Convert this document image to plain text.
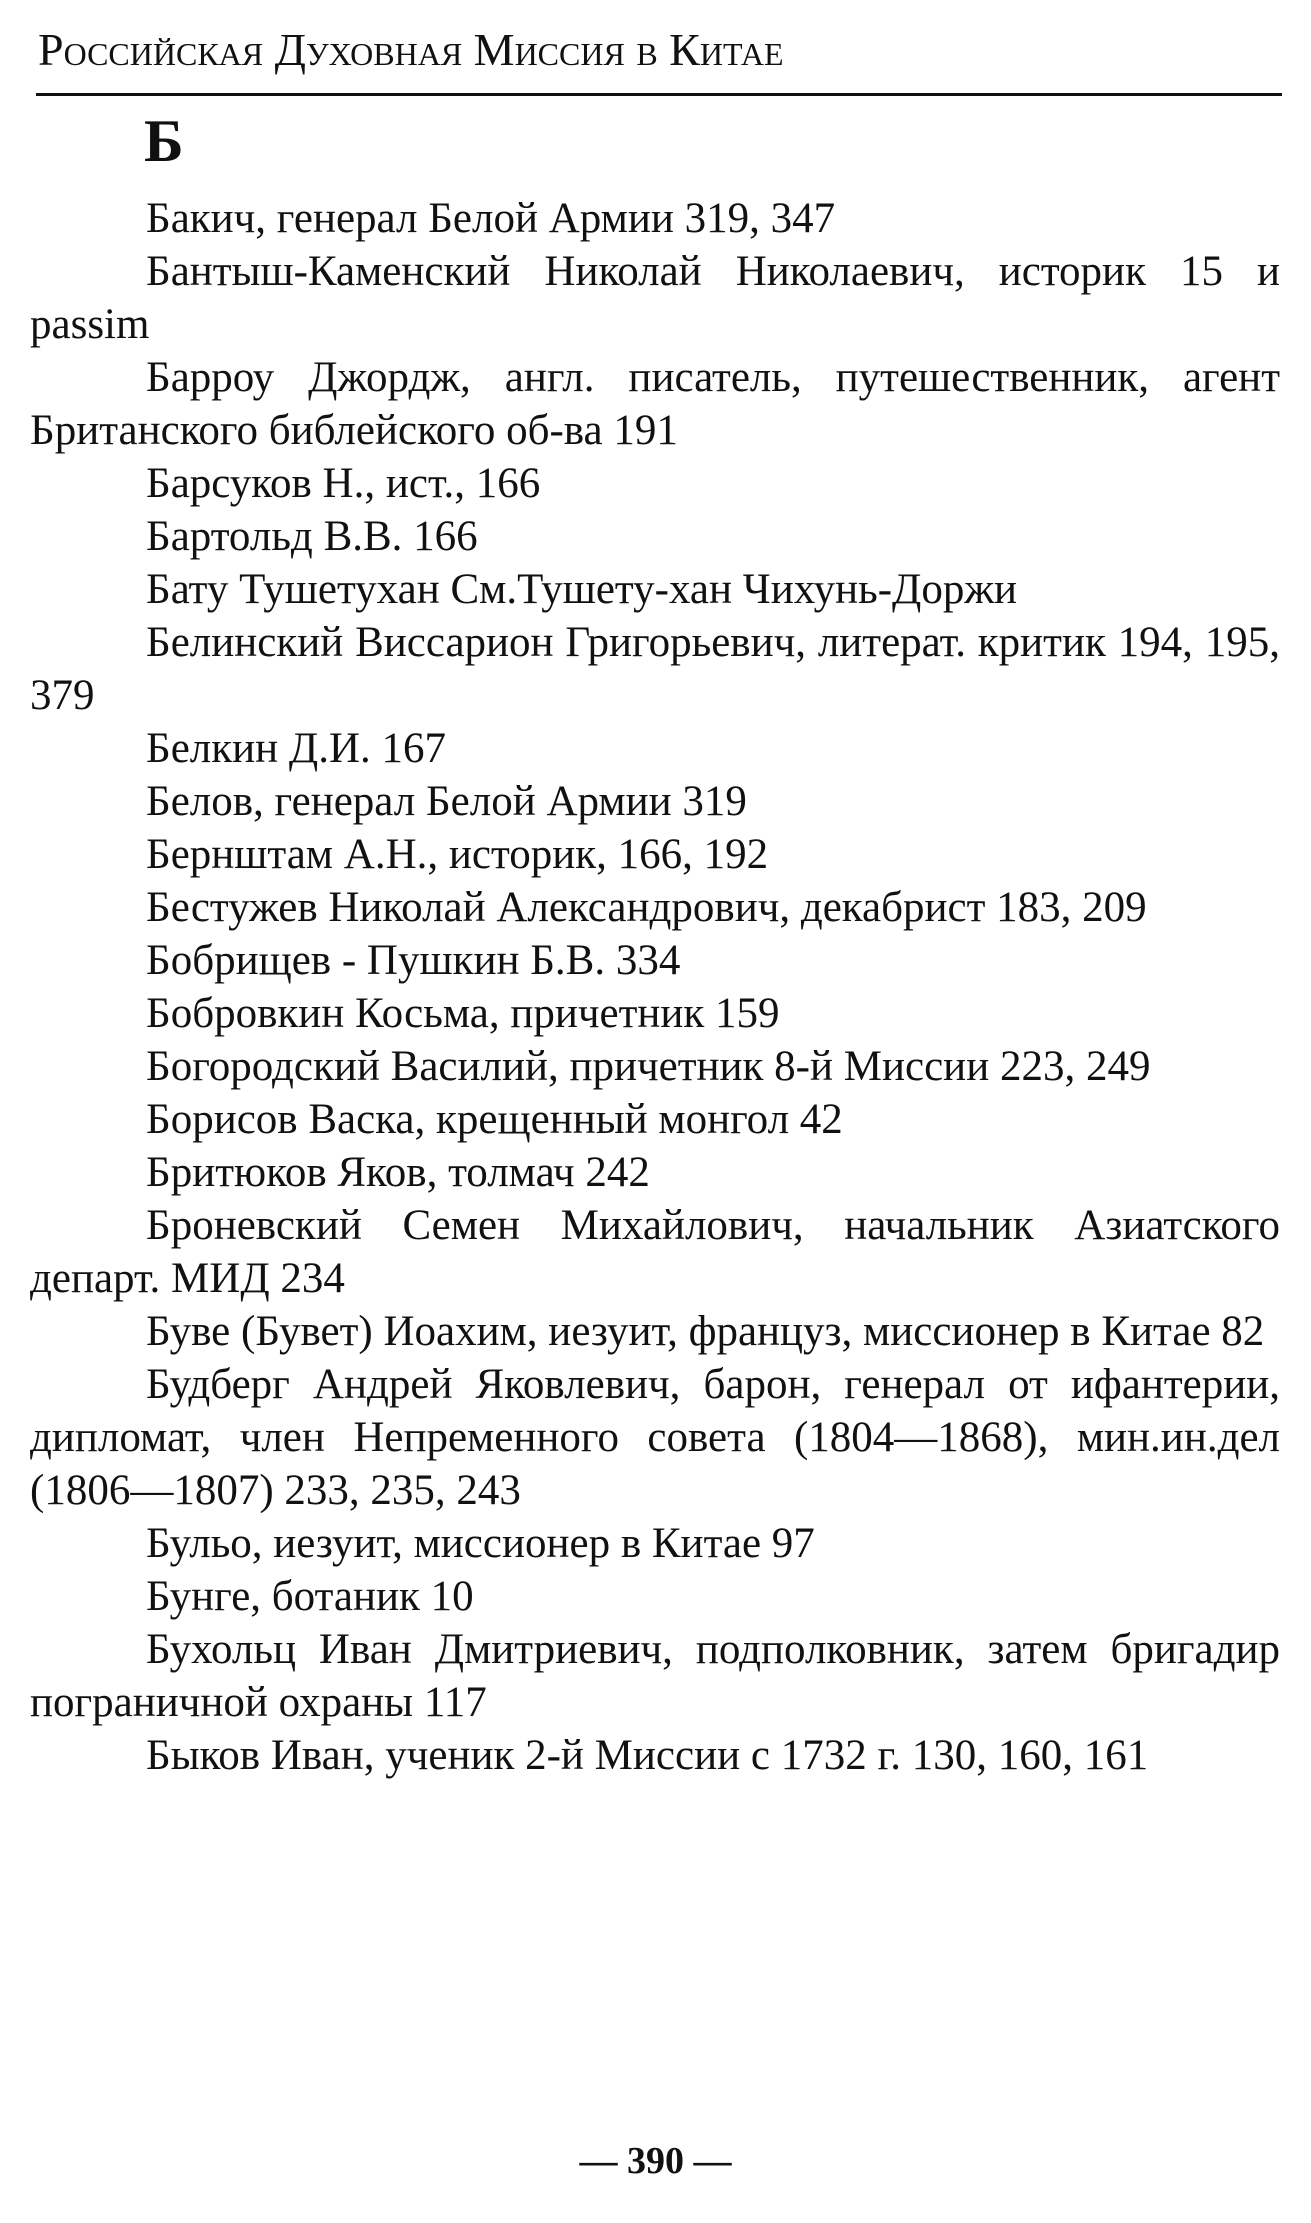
Российская Духовная Миссия в Китае
Б

Бакич, генерал Белой Армии 319, 347

Бантыш-Каменский Николай Николаевич, историк 15 и passim

Барроу Джордж, англ. писатель, путешественник, агент Британского библейского об-ва 191

Барсуков Н., ист., 166

Бартольд В.В. 166

Бату Тушетухан См.Тушету-хан Чихунь-Доржи

Белинский Виссарион Григорьевич, литерат. критик 194, 195, 379

Белкин Д.И. 167

Белов, генерал Белой Армии 319

Бернштам А.Н., историк, 166, 192

Бестужев Николай Александрович, декабрист 183, 209

Бобрищев - Пушкин Б.В. 334

Бобровкин Косьма, причетник 159

Богородский Василий, причетник 8-й Миссии 223, 249

Борисов Васка, крещенный монгол 42

Бритюков Яков, толмач 242

Броневский Семен Михайлович, начальник Азиатского департ. МИД 234

Буве (Бувет) Иоахим, иезуит, француз, миссионер в Китае 82

Будберг Андрей Яковлевич, барон, генерал от ифантерии, дипломат, член Непременного совета (1804—1868), мин.ин.дел (1806—1807) 233, 235, 243

Бульо, иезуит, миссионер в Китае 97

Бунге, ботаник 10

Бухольц Иван Дмитриевич, подполковник, затем бригадир пограничной охраны 117

Быков Иван, ученик 2-й Миссии с 1732 г. 130, 160, 161

— 390 —
